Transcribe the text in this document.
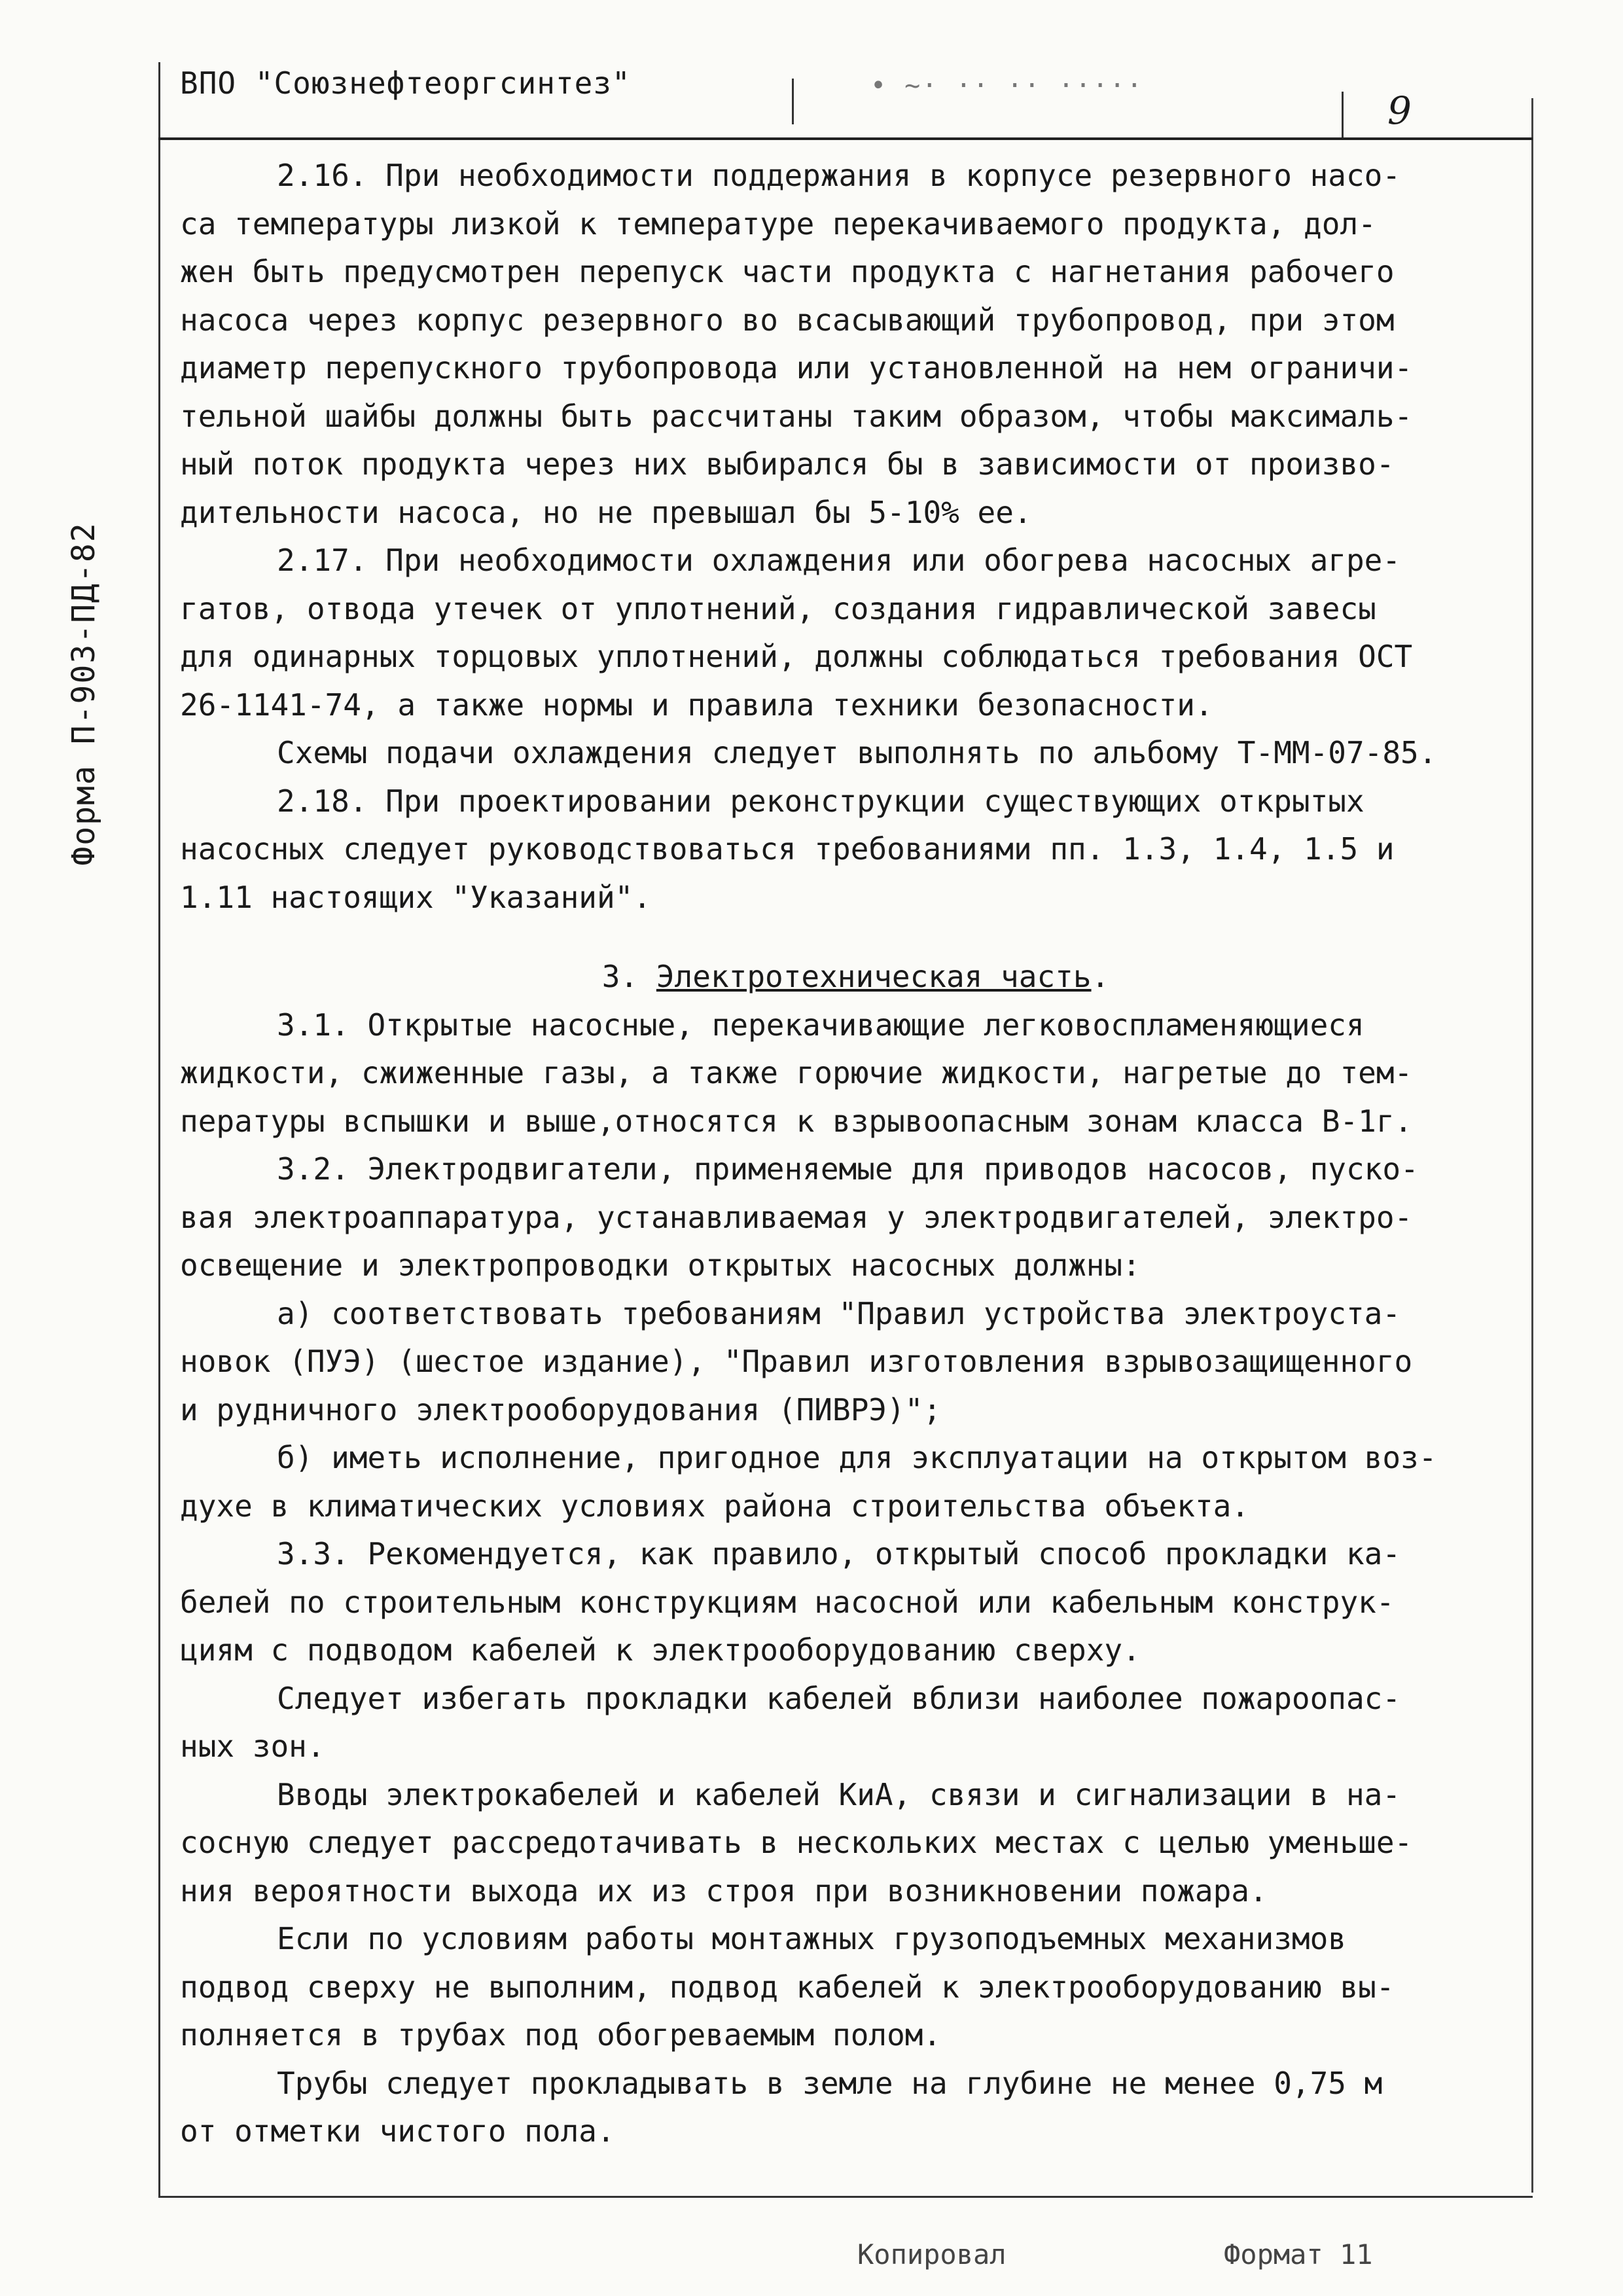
ВПО "Союзнефтеоргсинтез"	• ~· ·· ·· ·····
9
Форма П-903-ПД-82
2.16. При необходимости поддержания в корпусе резервного насо-
са температуры лизкой к температуре перекачиваемого продукта, дол-
жен быть предусмотрен перепуск части продукта с нагнетания рабочего
насоса через корпус резервного во всасывающий трубопровод, при этом
диаметр перепускного трубопровода или установленной на нем ограничи-
тельной шайбы должны быть рассчитаны таким образом, чтобы максималь-
ный поток продукта через них выбирался бы в зависимости от произво-
дительности насоса, но не превышал бы 5-10% ее.
2.17. При необходимости охлаждения или обогрева насосных агре-
гатов, отвода утечек от уплотнений, создания гидравлической завесы
для одинарных торцовых уплотнений, должны соблюдаться требования ОСТ
26-1141-74, а также нормы и правила техники безопасности.
Схемы подачи охлаждения следует выполнять по альбому Т-ММ-07-85.
2.18. При проектировании реконструкции существующих открытых
насосных следует руководствоваться требованиями пп. 1.3, 1.4, 1.5 и
1.11 настоящих "Указаний".
3. Электротехническая часть.
3.1. Открытые насосные, перекачивающие легковоспламеняющиеся
жидкости, сжиженные газы, а также горючие жидкости, нагретые до тем-
пературы вспышки и выше,относятся к взрывоопасным зонам класса В-1г.
3.2. Электродвигатели, применяемые для приводов насосов, пуско-
вая электроаппаратура, устанавливаемая у электродвигателей, электро-
освещение и электропроводки открытых насосных должны:
а) соответствовать требованиям "Правил устройства электроуста-
новок (ПУЭ) (шестое издание), "Правил изготовления взрывозащищенного
и рудничного электрооборудования (ПИВРЭ)";
б) иметь исполнение, пригодное для эксплуатации на открытом воз-
духе в климатических условиях района строительства объекта.
3.3. Рекомендуется, как правило, открытый способ прокладки ка-
белей по строительным конструкциям насосной или кабельным конструк-
циям с подводом кабелей к электрооборудованию сверху.
Следует избегать прокладки кабелей вблизи наиболее пожароопас-
ных зон.
Вводы электрокабелей и кабелей КиА, связи и сигнализации в на-
сосную следует рассредотачивать в нескольких местах с целью уменьше-
ния вероятности выхода их из строя при возникновении пожара.
Если по условиям работы монтажных грузоподъемных механизмов
подвод сверху не выполним, подвод кабелей к электрооборудованию вы-
полняется в трубах под обогреваемым полом.
Трубы следует прокладывать в земле на глубине не менее 0,75 м
от отметки чистого пола.
Копировал	Формат 11
